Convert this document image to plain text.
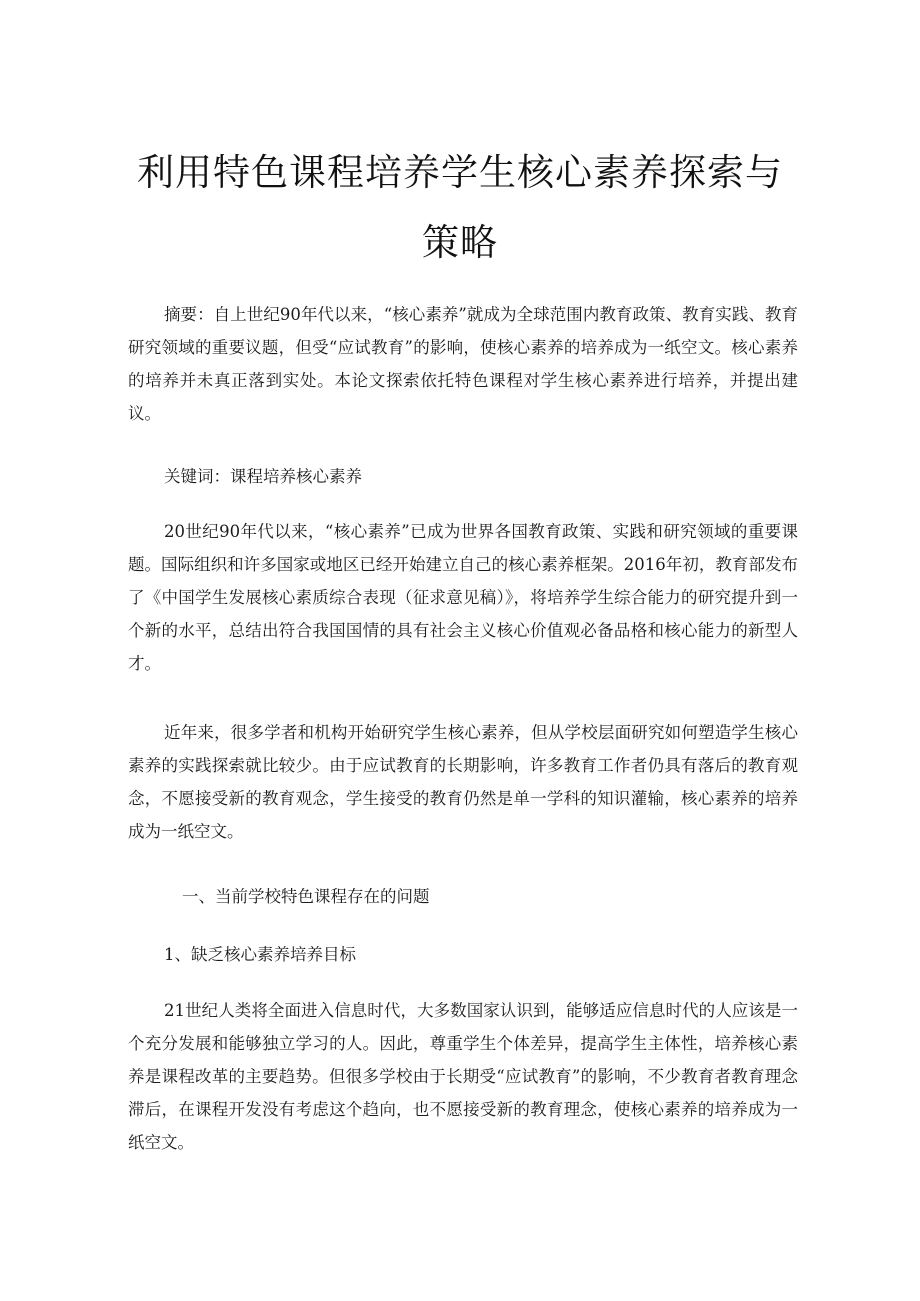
利用特色课程培养学生核心素养探索与
策略

摘要：自上世纪90年代以来，“核心素养”就成为全球范围内教育政策、教育实践、教育研究领域的重要议题，但受“应试教育”的影响，使核心素养的培养成为一纸空文。核心素养的培养并未真正落到实处。本论文探索依托特色课程对学生核心素养进行培养，并提出建议。

关键词：课程培养核心素养

20世纪90年代以来，“核心素养”已成为世界各国教育政策、实践和研究领域的重要课题。国际组织和许多国家或地区已经开始建立自己的核心素养框架。2016年初，教育部发布了《中国学生发展核心素质综合表现（征求意见稿）》，将培养学生综合能力的研究提升到一个新的水平，总结出符合我国国情的具有社会主义核心价值观必备品格和核心能力的新型人才。

近年来，很多学者和机构开始研究学生核心素养，但从学校层面研究如何塑造学生核心素养的实践探索就比较少。由于应试教育的长期影响，许多教育工作者仍具有落后的教育观念，不愿接受新的教育观念，学生接受的教育仍然是单一学科的知识灌输，核心素养的培养成为一纸空文。

一、当前学校特色课程存在的问题

1、缺乏核心素养培养目标

21世纪人类将全面进入信息时代，大多数国家认识到，能够适应信息时代的人应该是一个充分发展和能够独立学习的人。因此，尊重学生个体差异，提高学生主体性，培养核心素养是课程改革的主要趋势。但很多学校由于长期受“应试教育”的影响，不少教育者教育理念滞后，在课程开发没有考虑这个趋向，也不愿接受新的教育理念，使核心素养的培养成为一纸空文。
